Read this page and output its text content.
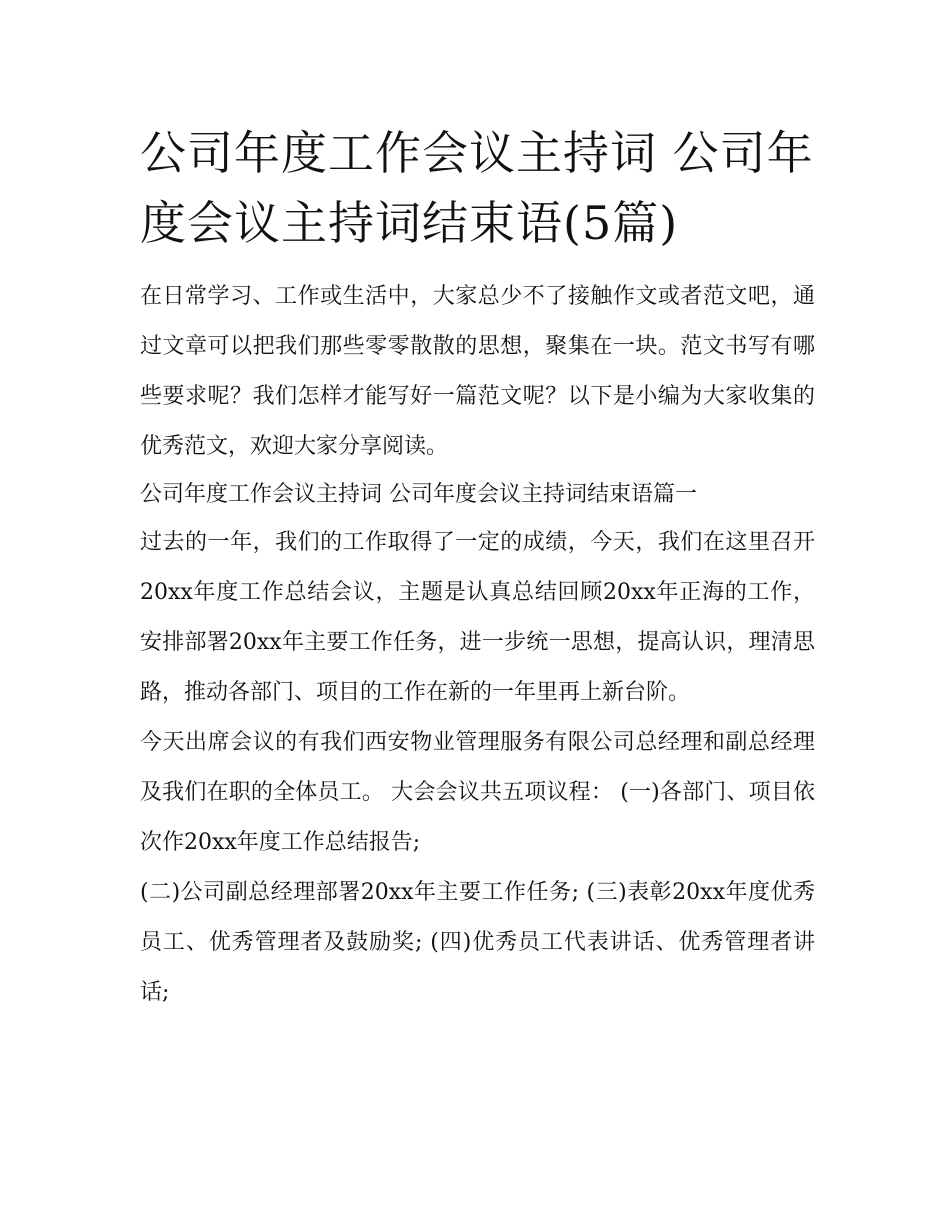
公司年度工作会议主持词 公司年度会议主持词结束语(5篇)

在日常学习、工作或生活中，大家总少不了接触作文或者范文吧，通过文章可以把我们那些零零散散的思想，聚集在一块。范文书写有哪些要求呢？我们怎样才能写好一篇范文呢？以下是小编为大家收集的优秀范文，欢迎大家分享阅读。

公司年度工作会议主持词 公司年度会议主持词结束语篇一

过去的一年，我们的工作取得了一定的成绩，今天，我们在这里召开20xx年度工作总结会议，主题是认真总结回顾20xx年正海的工作，安排部署20xx年主要工作任务，进一步统一思想，提高认识，理清思路，推动各部门、项目的工作在新的一年里再上新台阶。

今天出席会议的有我们西安物业管理服务有限公司总经理和副总经理及我们在职的全体员工。 大会会议共五项议程： (一)各部门、项目依次作20xx年度工作总结报告;

(二)公司副总经理部署20xx年主要工作任务; (三)表彰20xx年度优秀员工、优秀管理者及鼓励奖; (四)优秀员工代表讲话、优秀管理者讲话;
